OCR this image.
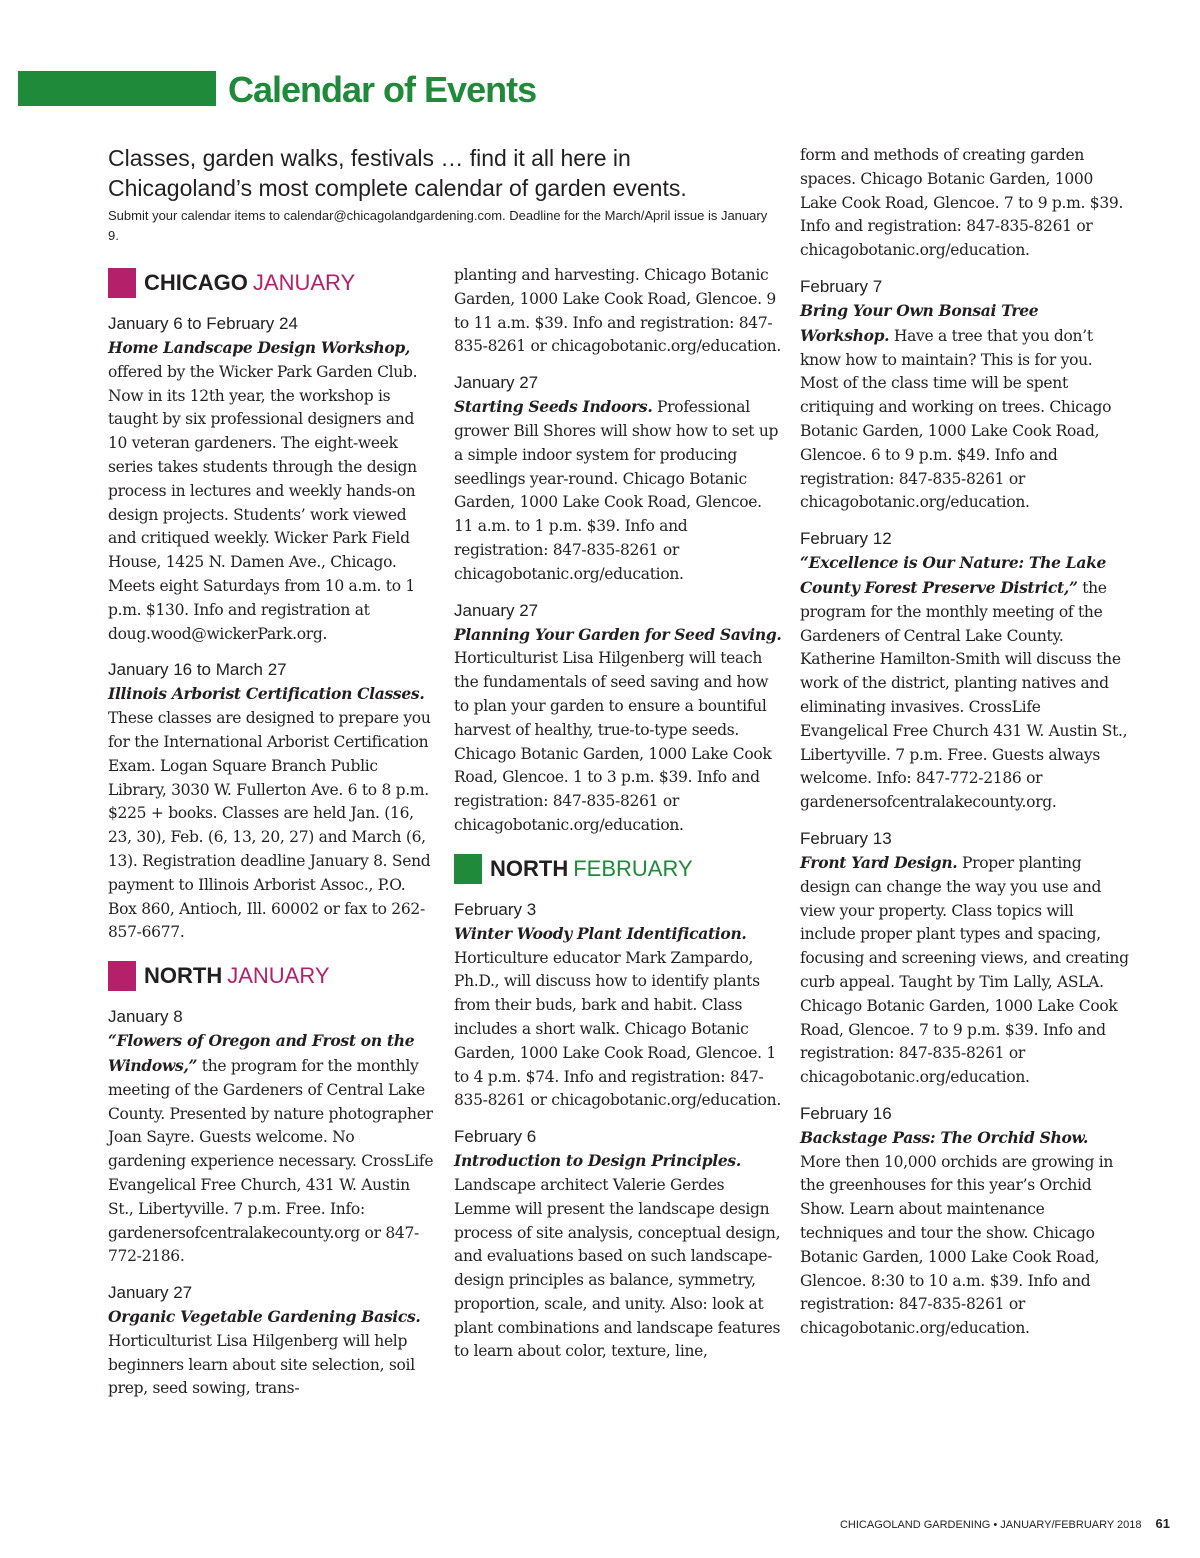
Calendar of Events

Classes, garden walks, festivals … find it all here in Chicagoland’s most complete calendar of garden events.

Submit your calendar items to calendar@chicagolandgardening.com. Deadline for the March/April issue is January 9.

CHICAGO JANUARY

January 6 to February 24

Home Landscape Design Workshop, offered by the Wicker Park Garden Club. Now in its 12th year, the workshop is taught by six professional designers and 10 veteran gardeners. The eight-week series takes students through the design process in lectures and weekly hands-on design projects. Students’ work viewed and critiqued weekly. Wicker Park Field House, 1425 N. Damen Ave., Chicago. Meets eight Saturdays from 10 a.m. to 1 p.m. $130. Info and registration at doug.wood@wickerPark.org.

January 16 to March 27

Illinois Arborist Certification Classes. These classes are designed to prepare you for the International Arborist Certification Exam. Logan Square Branch Public Library, 3030 W. Fullerton Ave. 6 to 8 p.m. $225 + books. Classes are held Jan. (16, 23, 30), Feb. (6, 13, 20, 27) and March (6, 13). Registration deadline January 8. Send payment to Illinois Arborist Assoc., P.O. Box 860, Antioch, Ill. 60002 or fax to 262-857-6677.

NORTH JANUARY

January 8

“Flowers of Oregon and Frost on the Windows,” the program for the monthly meeting of the Gardeners of Central Lake County. Presented by nature photographer Joan Sayre. Guests welcome. No gardening experience necessary. CrossLife Evangelical Free Church, 431 W. Austin St., Libertyville. 7 p.m. Free. Info: gardenersofcentralakecounty.org or 847- 772-2186.

January 27

Organic Vegetable Gardening Basics. Horticulturist Lisa Hilgenberg will help beginners learn about site selection, soil prep, seed sowing, trans-

planting and harvesting. Chicago Botanic Garden, 1000 Lake Cook Road, Glencoe. 9 to 11 a.m. $39. Info and registration: 847-835-8261 or chicagobotanic.org/education.

January 27

Starting Seeds Indoors. Professional grower Bill Shores will show how to set up a simple indoor system for producing seedlings year-round. Chicago Botanic Garden, 1000 Lake Cook Road, Glencoe. 11 a.m. to 1 p.m. $39. Info and registration: 847-835-8261 or chicagobotanic.org/education.

January 27

Planning Your Garden for Seed Saving. Horticulturist Lisa Hilgenberg will teach the fundamentals of seed saving and how to plan your garden to ensure a bountiful harvest of healthy, true-to-type seeds. Chicago Botanic Garden, 1000 Lake Cook Road, Glencoe. 1 to 3 p.m. $39. Info and registration: 847-835-8261 or chicagobotanic.org/education.

NORTH FEBRUARY

February 3

Winter Woody Plant Identification. Horticulture educator Mark Zampardo, Ph.D., will discuss how to identify plants from their buds, bark and habit. Class includes a short walk. Chicago Botanic Garden, 1000 Lake Cook Road, Glencoe. 1 to 4 p.m. $74. Info and registration: 847-835-8261 or chicagobotanic.org/education.

February 6

Introduction to Design Principles. Landscape architect Valerie Gerdes Lemme will present the landscape design process of site analysis, conceptual design, and evaluations based on such landscape-design principles as balance, symmetry, proportion, scale, and unity. Also: look at plant combinations and landscape features to learn about color, texture, line,

form and methods of creating garden spaces. Chicago Botanic Garden, 1000 Lake Cook Road, Glencoe. 7 to 9 p.m. $39. Info and registration: 847-835-8261 or chicagobotanic.org/education.

February 7

Bring Your Own Bonsai Tree Workshop. Have a tree that you don’t know how to maintain? This is for you. Most of the class time will be spent critiquing and working on trees. Chicago Botanic Garden, 1000 Lake Cook Road, Glencoe. 6 to 9 p.m. $49. Info and registration: 847-835-8261 or chicagobotanic.org/education.

February 12

“Excellence is Our Nature: The Lake County Forest Preserve District,” the program for the monthly meeting of the Gardeners of Central Lake County. Katherine Hamilton-Smith will discuss the work of the district, planting natives and eliminating invasives. CrossLife Evangelical Free Church 431 W. Austin St., Libertyville. 7 p.m. Free. Guests always welcome. Info: 847-772-2186 or gardenersofcentralakecounty.org.

February 13

Front Yard Design. Proper planting design can change the way you use and view your property. Class topics will include proper plant types and spacing, focusing and screening views, and creating curb appeal. Taught by Tim Lally, ASLA. Chicago Botanic Garden, 1000 Lake Cook Road, Glencoe. 7 to 9 p.m. $39. Info and registration: 847-835-8261 or chicagobotanic.org/education.

February 16

Backstage Pass: The Orchid Show. More then 10,000 orchids are growing in the greenhouses for this year’s Orchid Show. Learn about maintenance techniques and tour the show. Chicago Botanic Garden, 1000 Lake Cook Road, Glencoe. 8:30 to 10 a.m. $39. Info and registration: 847-835-8261 or chicagobotanic.org/education.

CHICAGOLAND GARDENING • JANUARY/FEBRUARY 2018 61
